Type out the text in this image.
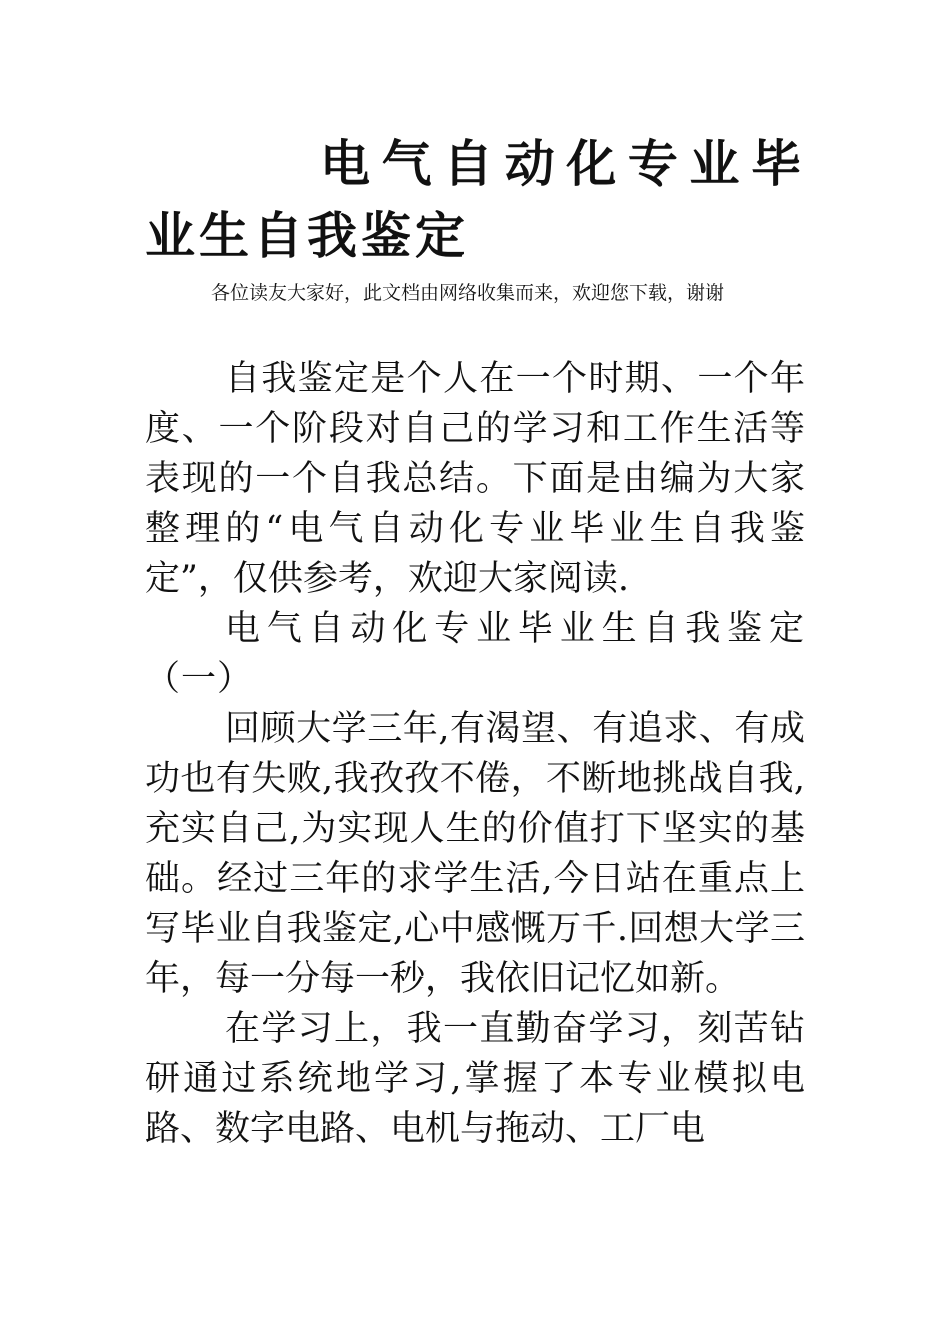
电气自动化专业毕业生自我鉴定

各位读友大家好，此文档由网络收集而来，欢迎您下载，谢谢

自我鉴定是个人在一个时期、一个年度、一个阶段对自己的学习和工作生活等表现的一个自我总结。下面是由编为大家整理的“电气自动化专业毕业生自我鉴定”，仅供参考，欢迎大家阅读.

电气自动化专业毕业生自我鉴定（一）

回顾大学三年,有渴望、有追求、有成功也有失败,我孜孜不倦，不断地挑战自我,充实自己,为实现人生的价值打下坚实的基础。经过三年的求学生活,今日站在重点上写毕业自我鉴定,心中感慨万千.回想大学三年，每一分每一秒，我依旧记忆如新。

在学习上，我一直勤奋学习，刻苦钻研通过系统地学习,掌握了本专业模拟电路、数字电路、电机与拖动、工厂电
